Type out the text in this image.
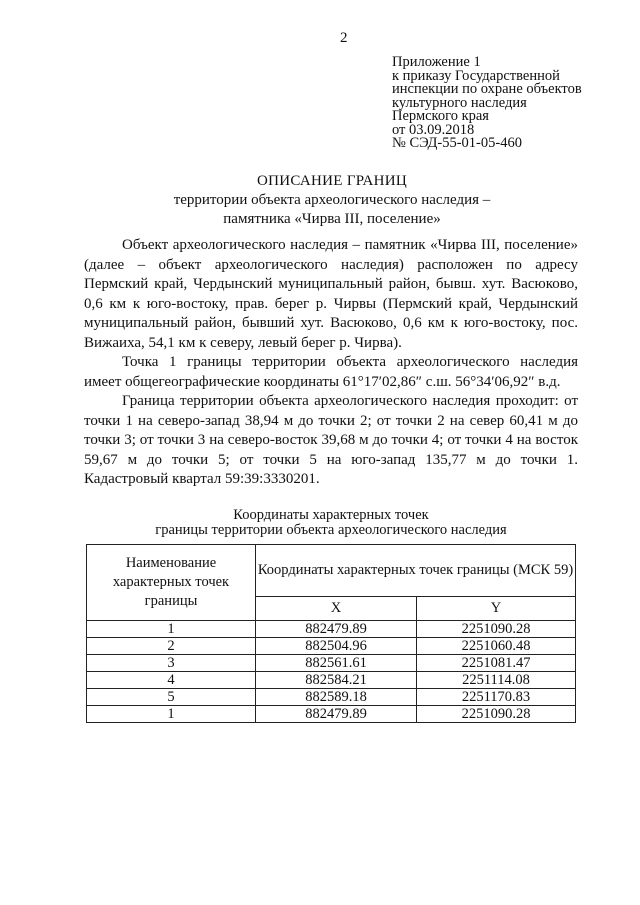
2
Приложение 1
к приказу Государственной
инспекции по охране объектов
культурного наследия
Пермского края
от 03.09.2018
№ СЭД-55-01-05-460
ОПИСАНИЕ ГРАНИЦ
территории объекта археологического наследия –
памятника «Чирва III, поселение»

Объект археологического наследия – памятник «Чирва III, поселение» (далее – объект археологического наследия) расположен по адресу Пермский край, Чердынский муниципальный район, бывш. хут. Васюково, 0,6 км к юго-востоку, прав. берег р. Чирвы (Пермский край, Чердынский муниципальный район, бывший хут. Васюково, 0,6 км к юго-востоку, пос. Вижаиха, 54,1 км к северу, левый берег р. Чирва).

Точка 1 границы территории объекта археологического наследия имеет общегеографические координаты 61°17′02,86″ с.ш. 56°34′06,92″ в.д.

Граница территории объекта археологического наследия проходит: от точки 1 на северо-запад 38,94 м до точки 2; от точки 2 на север 60,41 м до точки 3; от точки 3 на северо-восток 39,68 м до точки 4; от точки 4 на восток 59,67 м до точки 5; от точки 5 на юго-запад 135,77 м до точки 1. Кадастровый квартал 59:39:3330201.

Координаты характерных точек
границы территории объекта археологического наследия
Наименование характерных точек границы	Координаты характерных точек границы (МСК 59)	
	X	Y
1	882479.89	2251090.28
2	882504.96	2251060.48
3	882561.61	2251081.47
4	882584.21	2251114.08
5	882589.18	2251170.83
1	882479.89	2251090.28
